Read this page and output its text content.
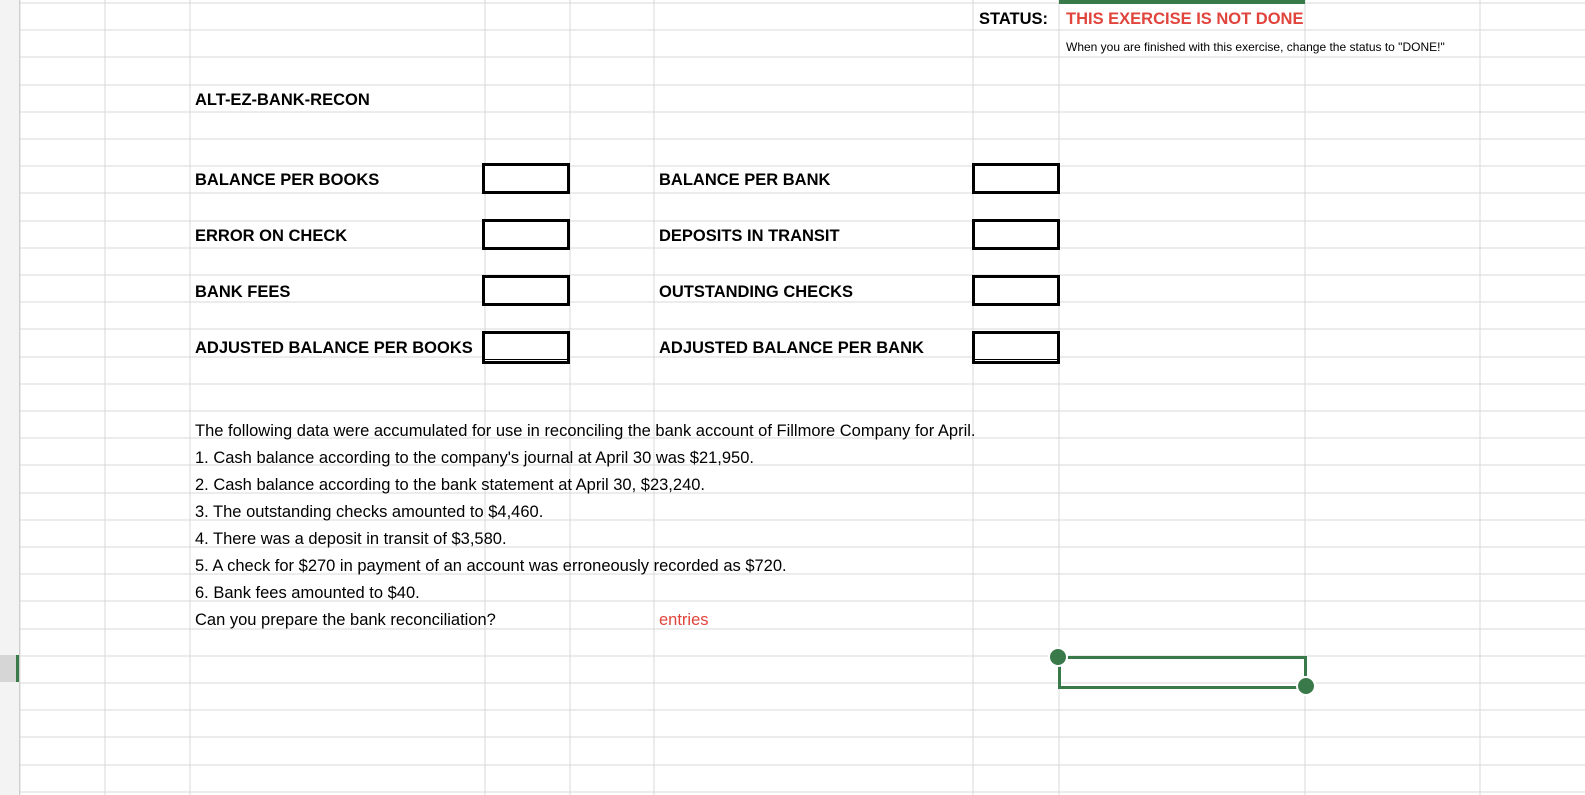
STATUS: THIS EXERCISE IS NOT DONE
When you are finished with this exercise, change the status to "DONE!"
ALT-EZ-BANK-RECON
BALANCE PER BOOKS
ERROR ON CHECK
BANK FEES
ADJUSTED BALANCE PER BOOKS
BALANCE PER BANK
DEPOSITS IN TRANSIT
OUTSTANDING CHECKS
ADJUSTED BALANCE PER BANK
The following data were accumulated for use in reconciling the bank account of Fillmore Company for April.
1. Cash balance according to the company's journal at April 30 was $21,950.
2. Cash balance according to the bank statement at April 30, $23,240.
3. The outstanding checks amounted to $4,460.
4. There was a deposit in transit of $3,580.
5. A check for $270 in payment of an account was erroneously recorded as $720.
6. Bank fees amounted to $40.
Can you prepare the bank reconciliation?	entries
